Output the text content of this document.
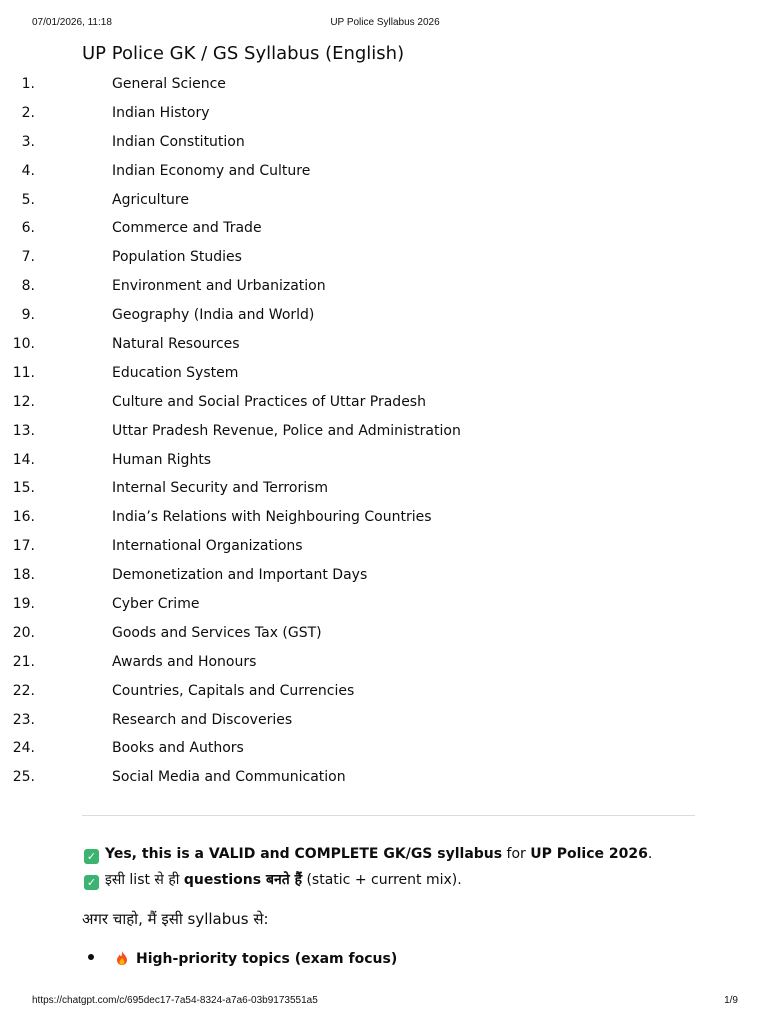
07/01/2026, 11:18	UP Police Syllabus 2026
UP Police GK / GS Syllabus (English)
1.	General Science
2.	Indian History
3.	Indian Constitution
4.	Indian Economy and Culture
5.	Agriculture
6.	Commerce and Trade
7.	Population Studies
8.	Environment and Urbanization
9.	Geography (India and World)
10.	Natural Resources
11.	Education System
12.	Culture and Social Practices of Uttar Pradesh
13.	Uttar Pradesh Revenue, Police and Administration
14.	Human Rights
15.	Internal Security and Terrorism
16.	India’s Relations with Neighbouring Countries
17.	International Organizations
18.	Demonetization and Important Days
19.	Cyber Crime
20.	Goods and Services Tax (GST)
21.	Awards and Honours
22.	Countries, Capitals and Currencies
23.	Research and Discoveries
24.	Books and Authors
25.	Social Media and Communication
✓ Yes, this is a VALID and COMPLETE GK/GS syllabus for UP Police 2026.
✓ इसी list से ही questions बनते हैं (static + current mix).
अगर चाहो, मैं इसी syllabus से:
High-priority topics (exam focus)
https://chatgpt.com/c/695dec17-7a54-8324-a7a6-03b9173551a5	1/9
